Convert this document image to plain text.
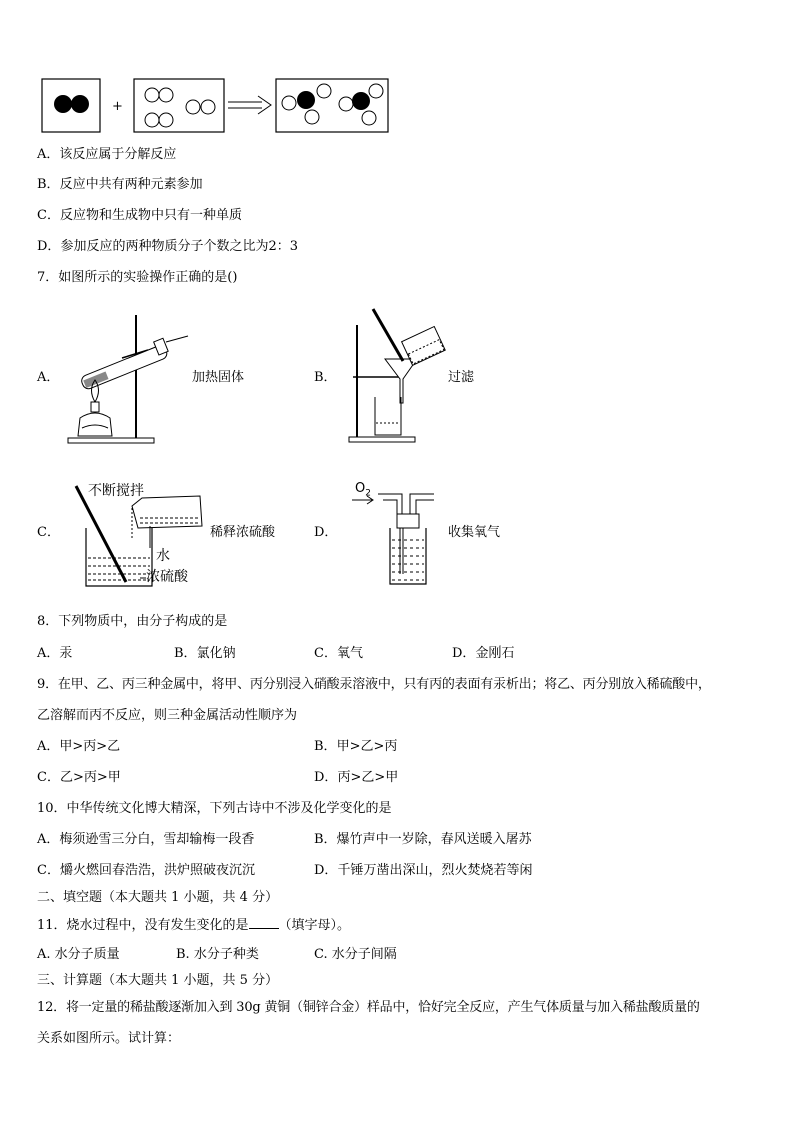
+
A．该反应属于分解反应
B．反应中共有两种元素参加
C．反应物和生成物中只有一种单质
D．参加反应的两种物质分子个数之比为2：3
7．如图所示的实验操作正确的是()
A．	加热固体	B．	过滤
C．
不断搅拌
水
浓硫酸
稀释浓硫酸	D．
$O_2$
收集氧气
8．下列物质中，由分子构成的是
A．汞	B．氯化钠	C．氧气	D．金刚石
9．在甲、乙、丙三种金属中，将甲、丙分别浸入硝酸汞溶液中，只有丙的表面有汞析出；将乙、丙分别放入稀硫酸中，
乙溶解而丙不反应，则三种金属活动性顺序为
A．甲>丙>乙	B．甲>乙>丙
C．乙>丙>甲	D．丙>乙>甲
10．中华传统文化博大精深，下列古诗中不涉及化学变化的是
A．梅须逊雪三分白，雪却输梅一段香	B．爆竹声中一岁除，春风送暖入屠苏
C．爝火燃回春浩浩，洪炉照破夜沉沉	D．千锤万凿出深山，烈火焚烧若等闲
二、填空题（本大题共 1 小题，共 4 分）
11．烧水过程中，没有发生变化的是 （填字母）。
A. 水分子质量	B. 水分子种类	C. 水分子间隔
三、计算题（本大题共 1 小题，共 5 分）
12．将一定量的稀盐酸逐渐加入到 30g 黄铜（铜锌合金）样品中，恰好完全反应，产生气体质量与加入稀盐酸质量的
关系如图所示。试计算：
